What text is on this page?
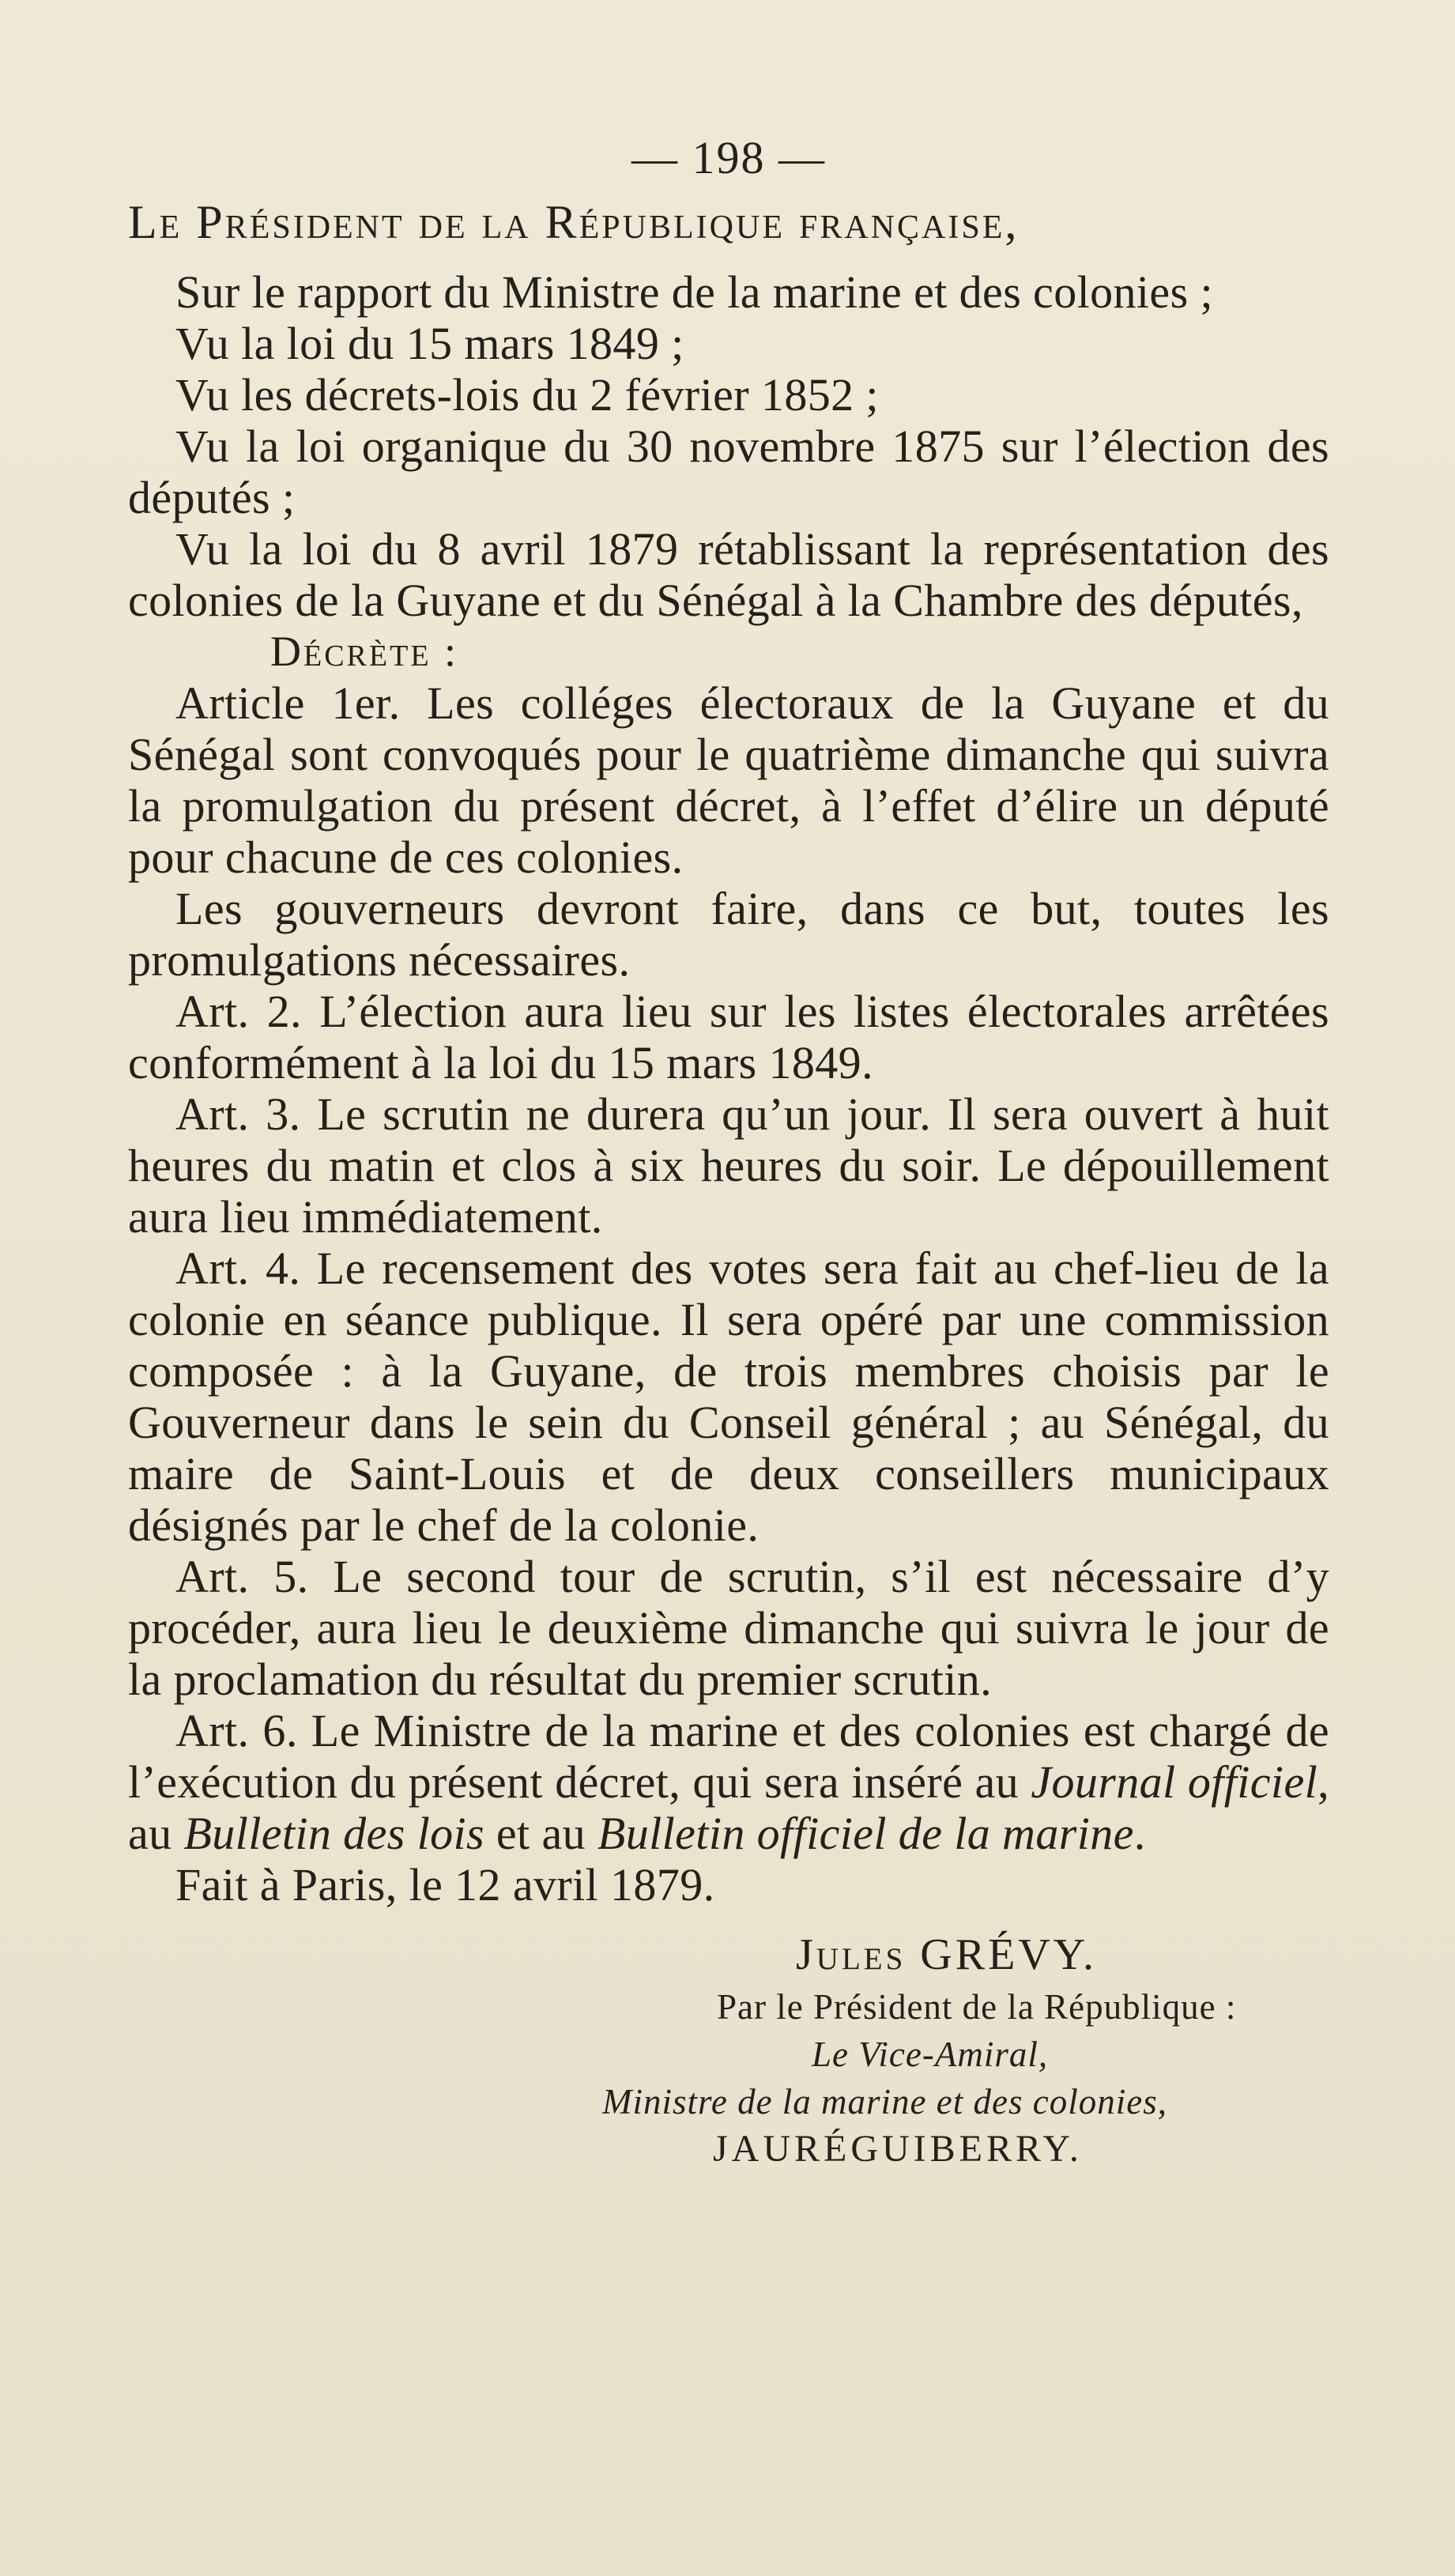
— 198 —
Le Président de la République française,
Sur le rapport du Ministre de la marine et des colonies ;
Vu la loi du 15 mars 1849 ;
Vu les décrets-lois du 2 février 1852 ;
Vu la loi organique du 30 novembre 1875 sur l’élection des députés ;
Vu la loi du 8 avril 1879 rétablissant la représentation des colonies de la Guyane et du Sénégal à la Chambre des députés,
Décrète :
Article 1er. Les colléges électoraux de la Guyane et du Sénégal sont convoqués pour le quatrième dimanche qui suivra la promulgation du présent décret, à l’effet d’élire un député pour chacune de ces colonies.
Les gouverneurs devront faire, dans ce but, toutes les promulgations nécessaires.
Art. 2. L’élection aura lieu sur les listes électorales arrêtées conformément à la loi du 15 mars 1849.
Art. 3. Le scrutin ne durera qu’un jour. Il sera ouvert à huit heures du matin et clos à six heures du soir. Le dépouillement aura lieu immédiatement.
Art. 4. Le recensement des votes sera fait au chef-lieu de la colonie en séance publique. Il sera opéré par une commission composée : à la Guyane, de trois membres choisis par le Gouverneur dans le sein du Conseil général ; au Sénégal, du maire de Saint-Louis et de deux conseillers municipaux désignés par le chef de la colonie.
Art. 5. Le second tour de scrutin, s’il est nécessaire d’y procéder, aura lieu le deuxième dimanche qui suivra le jour de la proclamation du résultat du premier scrutin.
Art. 6. Le Ministre de la marine et des colonies est chargé de l’exécution du présent décret, qui sera inséré au Journal officiel, au Bulletin des lois et au Bulletin officiel de la marine.
Fait à Paris, le 12 avril 1879.
Jules GRÉVY.
Par le Président de la République :
Le Vice-Amiral,
Ministre de la marine et des colonies,
JAURÉGUIBERRY.
